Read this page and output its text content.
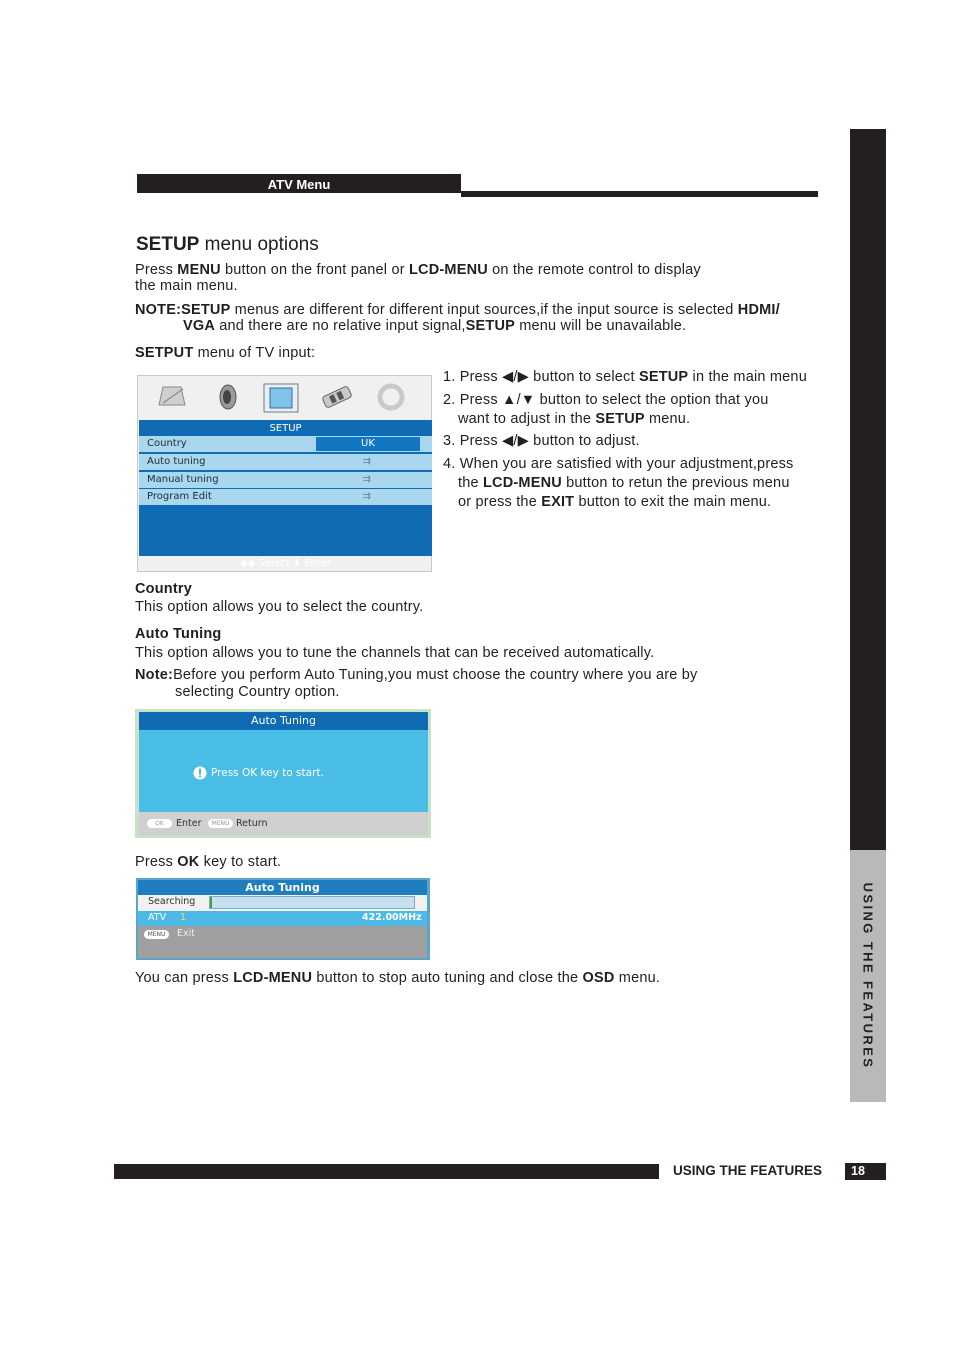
ATV Menu
USING THE FEATURES
SETUP menu options
Press MENU button on the front panel or LCD-MENU on the remote control to display
the main menu.
NOTE:SETUP menus are different for different input sources,if the input source is selected HDMI/
VGA and there are no relative input signal,SETUP menu will be unavailable.
SETPUT menu of TV input:
1. Press ◀/▶ button to select SETUP in the main menu
2. Press ▲/▼ button to select the option that you
want to adjust in the SETUP menu.
3. Press ◀/▶ button to adjust.
4. When you are satisfied with your adjustment,press
the LCD-MENU button to retun the previous menu
or press the EXIT button to exit the main menu.
SETUP
Country	UK
Auto tuning	⇉
Manual tuning	⇉
Program Edit	⇉
◆◆ Select ⬇ Enter
Country
This option allows you to select the country.
Auto Tuning
This option allows you to tune the channels that can be received automatically.
Note:Before you perform Auto Tuning,you must choose the country where you are by
selecting Country option.
Auto Tuning
Press OK key to start.
OK	Enter	MENU Return
Press OK key to start.
Auto Tuning
Searching
ATV 1	422.00MHz
MENU	Exit
You can press LCD-MENU button to stop auto tuning and close the OSD menu.
USING THE FEATURES	18
